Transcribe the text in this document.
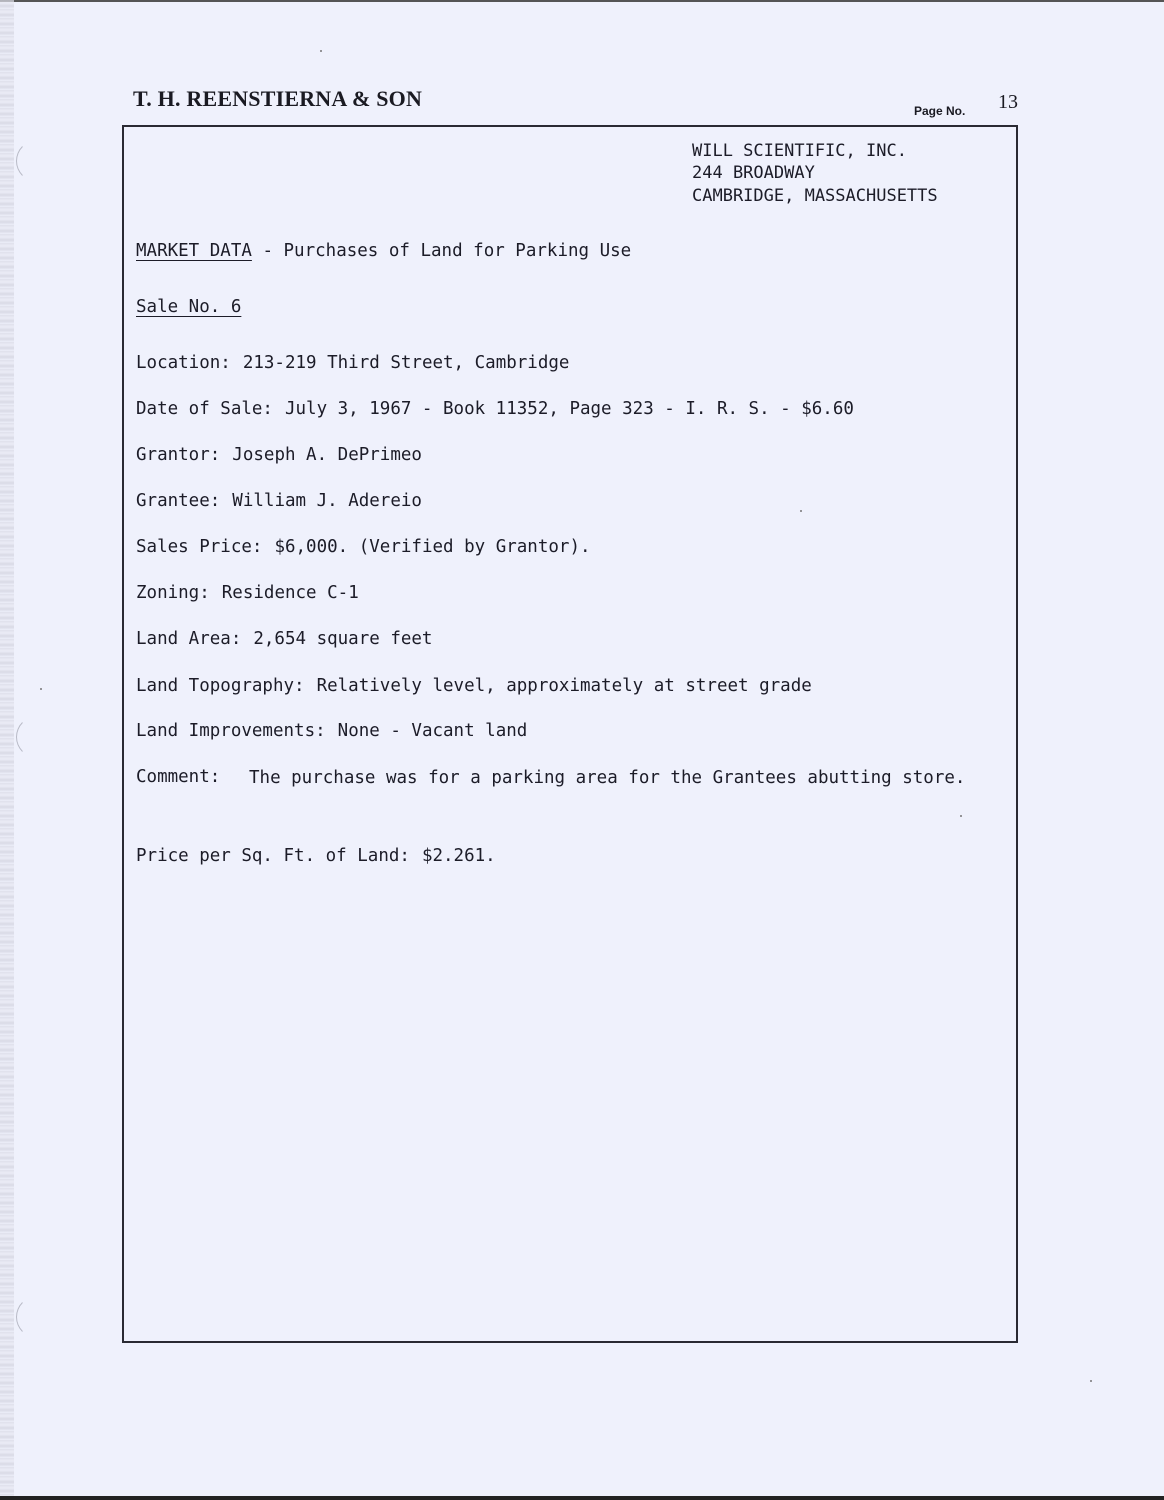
T. H. REENSTIERNA & SON	Page No. 13
WILL SCIENTIFIC, INC.
244 BROADWAY
CAMBRIDGE, MASSACHUSETTS
MARKET DATA - Purchases of Land for Parking Use
Sale No. 6
Location: 213-219 Third Street, Cambridge
Date of Sale: July 3, 1967 - Book 11352, Page 323 - I. R. S. - $6.60
Grantor: Joseph A. DePrimeo
Grantee: William J. Adereio
Sales Price: $6,000. (Verified by Grantor).
Zoning: Residence C-1
Land Area: 2,654 square feet
Land Topography: Relatively level, approximately at street grade
Land Improvements: None - Vacant land
Comment: The purchase was for a parking area for the Grantees abutting store.
Price per Sq. Ft. of Land: $2.261.
